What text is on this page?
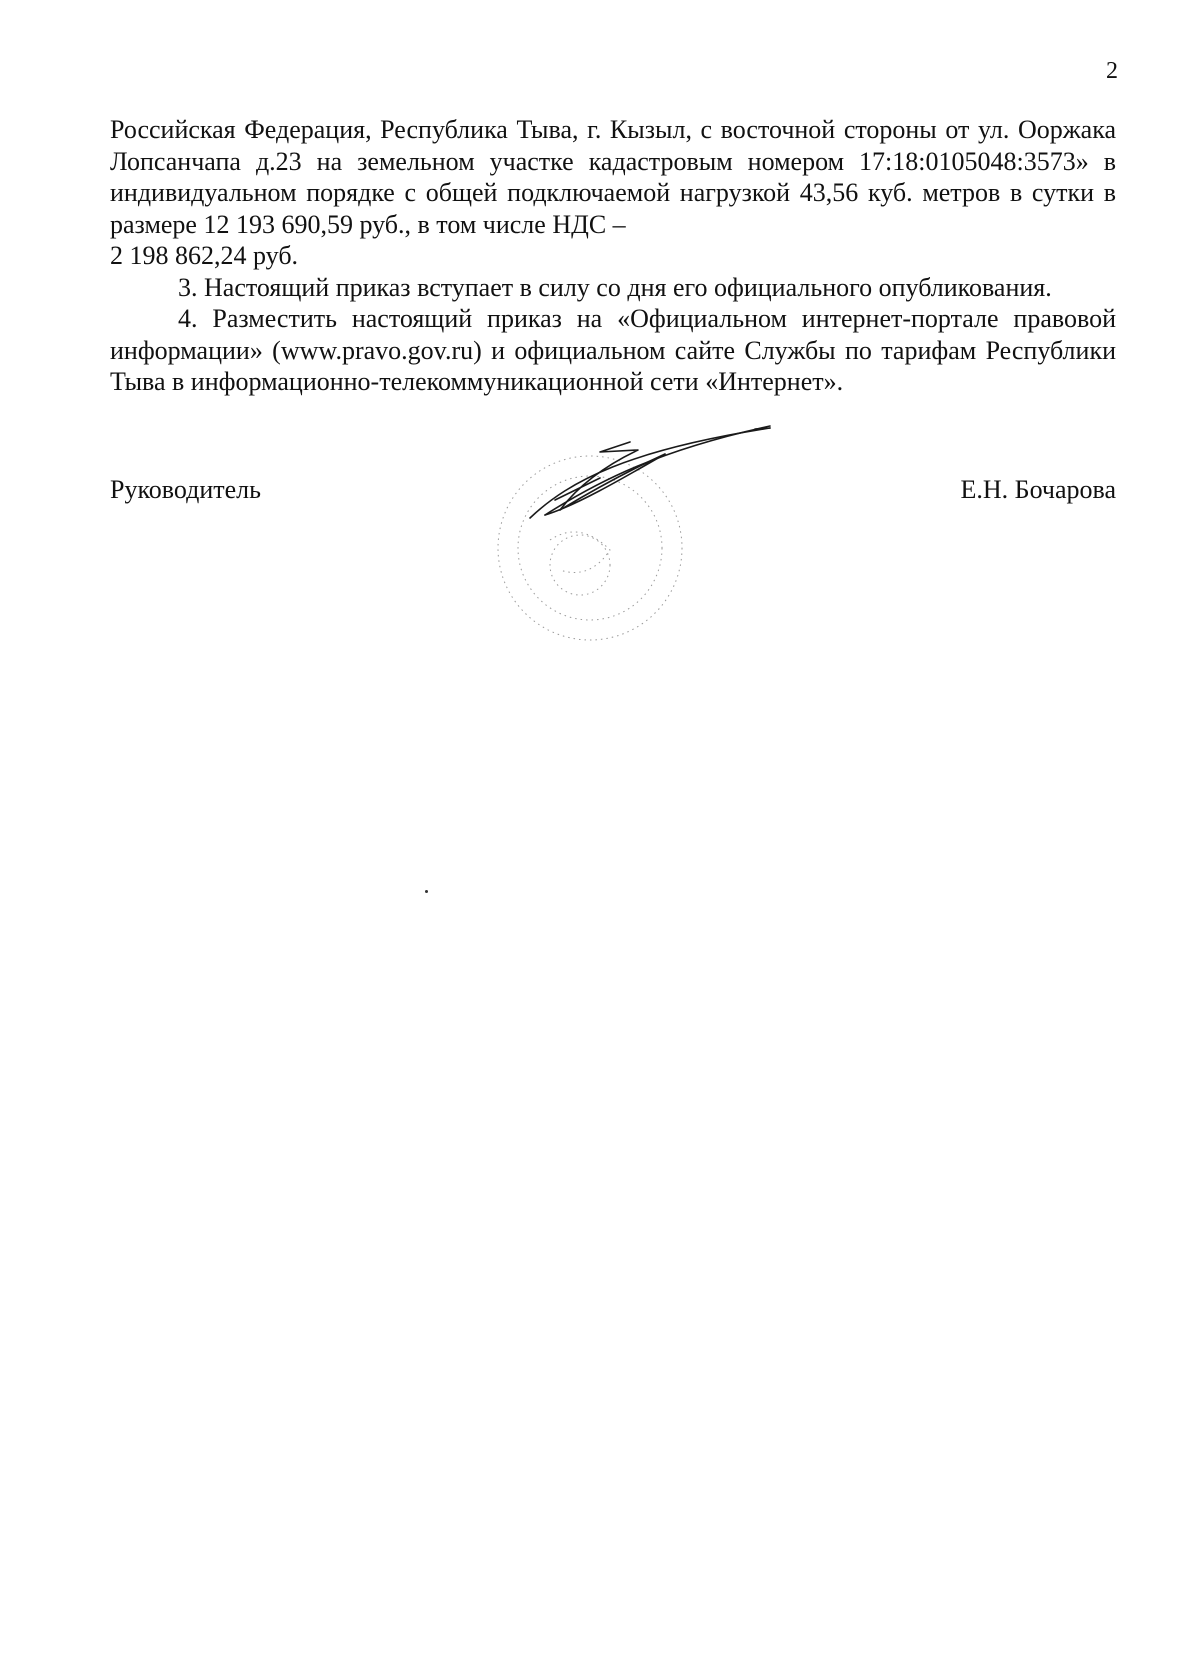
2

Российская Федерация, Республика Тыва, г. Кызыл, с восточной стороны от ул. Ооржака Лопсанчапа д.23 на земельном участке кадастровым номером 17:18:0105048:3573» в индивидуальном порядке с общей подключаемой нагрузкой 43,56 куб. метров в сутки в размере 12 193 690,59 руб., в том числе НДС –

2 198 862,24 руб.

3. Настоящий приказ вступает в силу со дня его официального опубликования.

4. Разместить настоящий приказ на «Официальном интернет-портале правовой информации» (www.pravo.gov.ru) и официальном сайте Службы по тарифам Республики Тыва в информационно-телекоммуникационной сети «Интернет».

Руководитель	Е.Н. Бочарова
